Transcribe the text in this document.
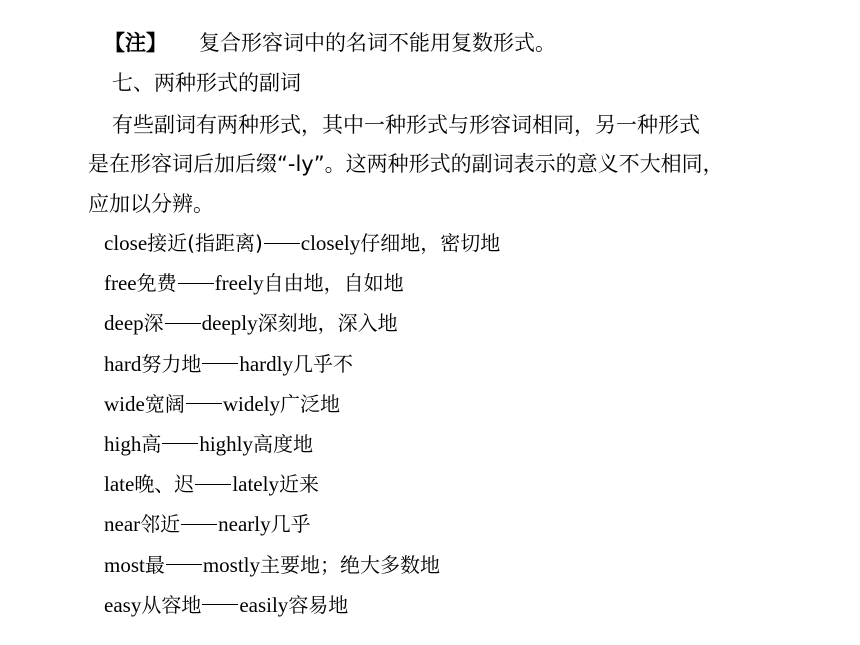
【注】 复合形容词中的名词不能用复数形式。
七、两种形式的副词
有些副词有两种形式，其中一种形式与形容词相同，另一种形式
是在形容词后加后缀“-ly”。这两种形式的副词表示的意义不大相同，
应加以分辨。
close接近(指距离) closely仔细地，密切地
free免费 freely自由地，自如地
deep深 deeply深刻地，深入地
hard努力地 hardly几乎不
wide宽阔 widely广泛地
high高 highly高度地
late晚、迟 lately近来
near邻近 nearly几乎
most最 mostly主要地；绝大多数地
easy从容地 easily容易地
